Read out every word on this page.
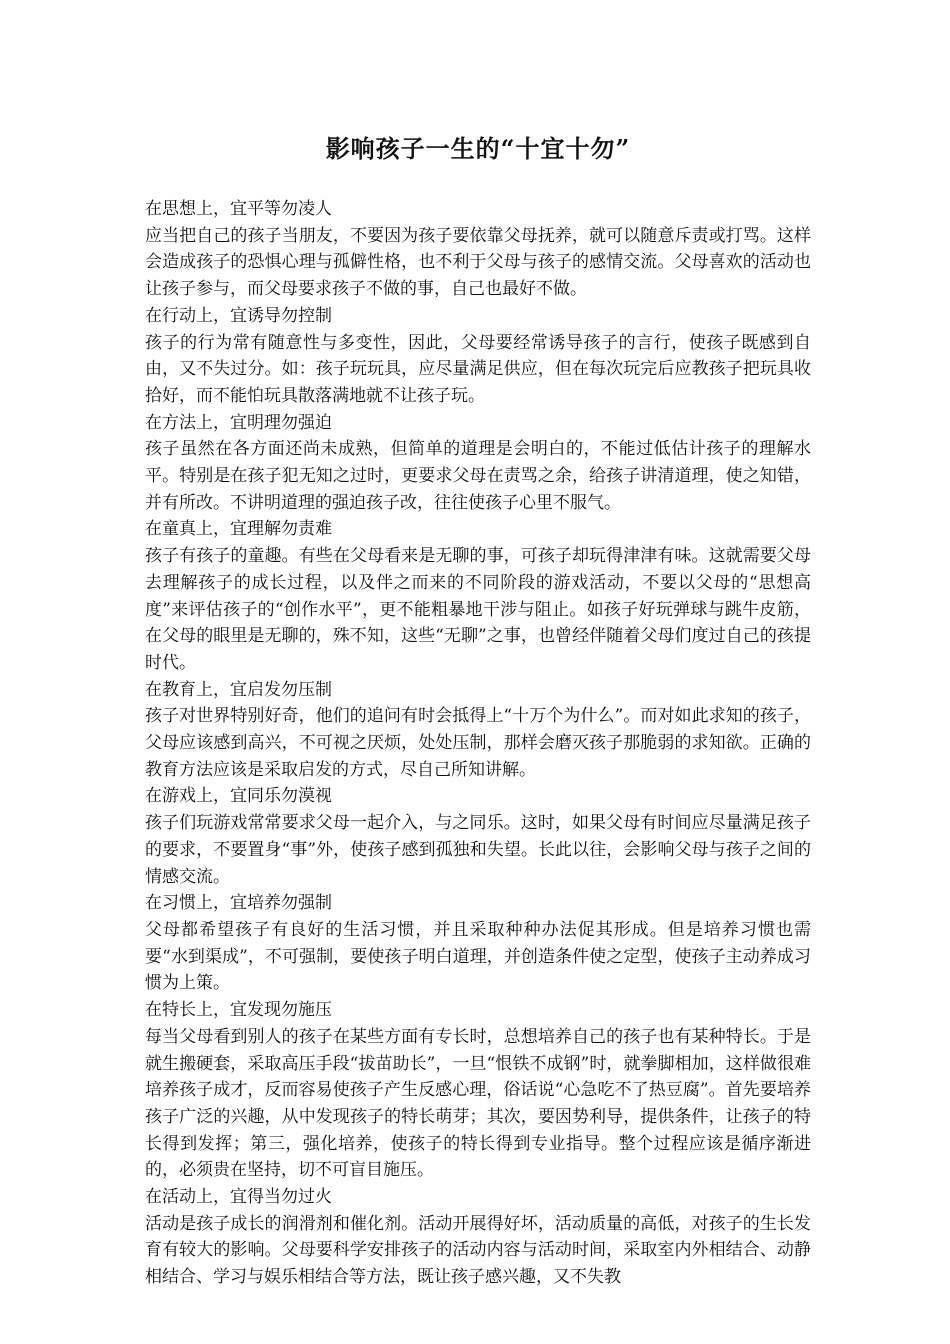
影响孩子一生的“十宜十勿”

在思想上，宜平等勿凌人

应当把自己的孩子当朋友，不要因为孩子要依靠父母抚养，就可以随意斥责或打骂。这样会造成孩子的恐惧心理与孤僻性格，也不利于父母与孩子的感情交流。父母喜欢的活动也让孩子参与，而父母要求孩子不做的事，自己也最好不做。

在行动上，宜诱导勿控制

孩子的行为常有随意性与多变性，因此，父母要经常诱导孩子的言行，使孩子既感到自由，又不失过分。如：孩子玩玩具，应尽量满足供应，但在每次玩完后应教孩子把玩具收拾好，而不能怕玩具散落满地就不让孩子玩。

在方法上，宜明理勿强迫

孩子虽然在各方面还尚未成熟，但简单的道理是会明白的，不能过低估计孩子的理解水平。特别是在孩子犯无知之过时，更要求父母在责骂之余，给孩子讲清道理，使之知错，并有所改。不讲明道理的强迫孩子改，往往使孩子心里不服气。

在童真上，宜理解勿责难

孩子有孩子的童趣。有些在父母看来是无聊的事，可孩子却玩得津津有味。这就需要父母去理解孩子的成长过程，以及伴之而来的不同阶段的游戏活动，不要以父母的“思想高度”来评估孩子的“创作水平”，更不能粗暴地干涉与阻止。如孩子好玩弹球与跳牛皮筋，在父母的眼里是无聊的，殊不知，这些“无聊”之事，也曾经伴随着父母们度过自己的孩提时代。

在教育上，宜启发勿压制

孩子对世界特别好奇，他们的追问有时会抵得上“十万个为什么”。而对如此求知的孩子，父母应该感到高兴，不可视之厌烦，处处压制，那样会磨灭孩子那脆弱的求知欲。正确的教育方法应该是采取启发的方式，尽自己所知讲解。

在游戏上，宜同乐勿漠视

孩子们玩游戏常常要求父母一起介入，与之同乐。这时，如果父母有时间应尽量满足孩子的要求，不要置身“事”外，使孩子感到孤独和失望。长此以往，会影响父母与孩子之间的情感交流。

在习惯上，宜培养勿强制

父母都希望孩子有良好的生活习惯，并且采取种种办法促其形成。但是培养习惯也需要“水到渠成”，不可强制，要使孩子明白道理，并创造条件使之定型，使孩子主动养成习惯为上策。

在特长上，宜发现勿施压

每当父母看到别人的孩子在某些方面有专长时，总想培养自己的孩子也有某种特长。于是就生搬硬套，采取高压手段“拔苗助长”，一旦“恨铁不成钢”时，就拳脚相加，这样做很难培养孩子成才，反而容易使孩子产生反感心理，俗话说“心急吃不了热豆腐”。首先要培养孩子广泛的兴趣，从中发现孩子的特长萌芽；其次，要因势利导，提供条件，让孩子的特长得到发挥；第三，强化培养，使孩子的特长得到专业指导。整个过程应该是循序渐进的，必须贵在坚持，切不可盲目施压。

在活动上，宜得当勿过火

活动是孩子成长的润滑剂和催化剂。活动开展得好坏，活动质量的高低，对孩子的生长发育有较大的影响。父母要科学安排孩子的活动内容与活动时间，采取室内外相结合、动静相结合、学习与娱乐相结合等方法，既让孩子感兴趣，又不失教
